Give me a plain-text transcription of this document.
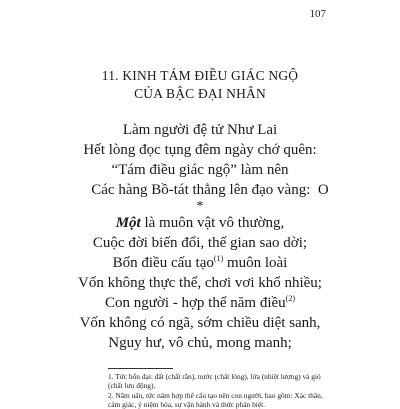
107
11. KINH TÁM ĐIỀU GIÁC NGỘ
CỦA BẬC ĐẠI NHÂN
Làm người đệ tử Như Lai
Hết lòng đọc tụng đêm ngày chớ quên:
“Tám điều giác ngộ” làm nên
Các hàng Bồ-tát thẳng lên đạo vàng: O
*
Một là muôn vật vô thường,
Cuộc đời biến đổi, thế gian sao dời;
Bốn điều cấu tạo$^{(1)}$ muôn loài
Vốn không thực thể, chơi vơi khổ nhiều;
Con người - hợp thể năm điều$^{(2)}$
Vốn không có ngã, sớm chiều diệt sanh,
Nguy hư, vô chủ, mong manh;
1. Tức bốn đại: đất (chất rắn), nước (chất lỏng), lửa (nhiệt lượng) và gió (chất lưu động).
2. Năm uẩn, tức năm hợp thể cấu tạo nên con người, bao gồm: Xác thân, cảm giác, ý niệm hóa, sự vận hành và thức phân biệt.
